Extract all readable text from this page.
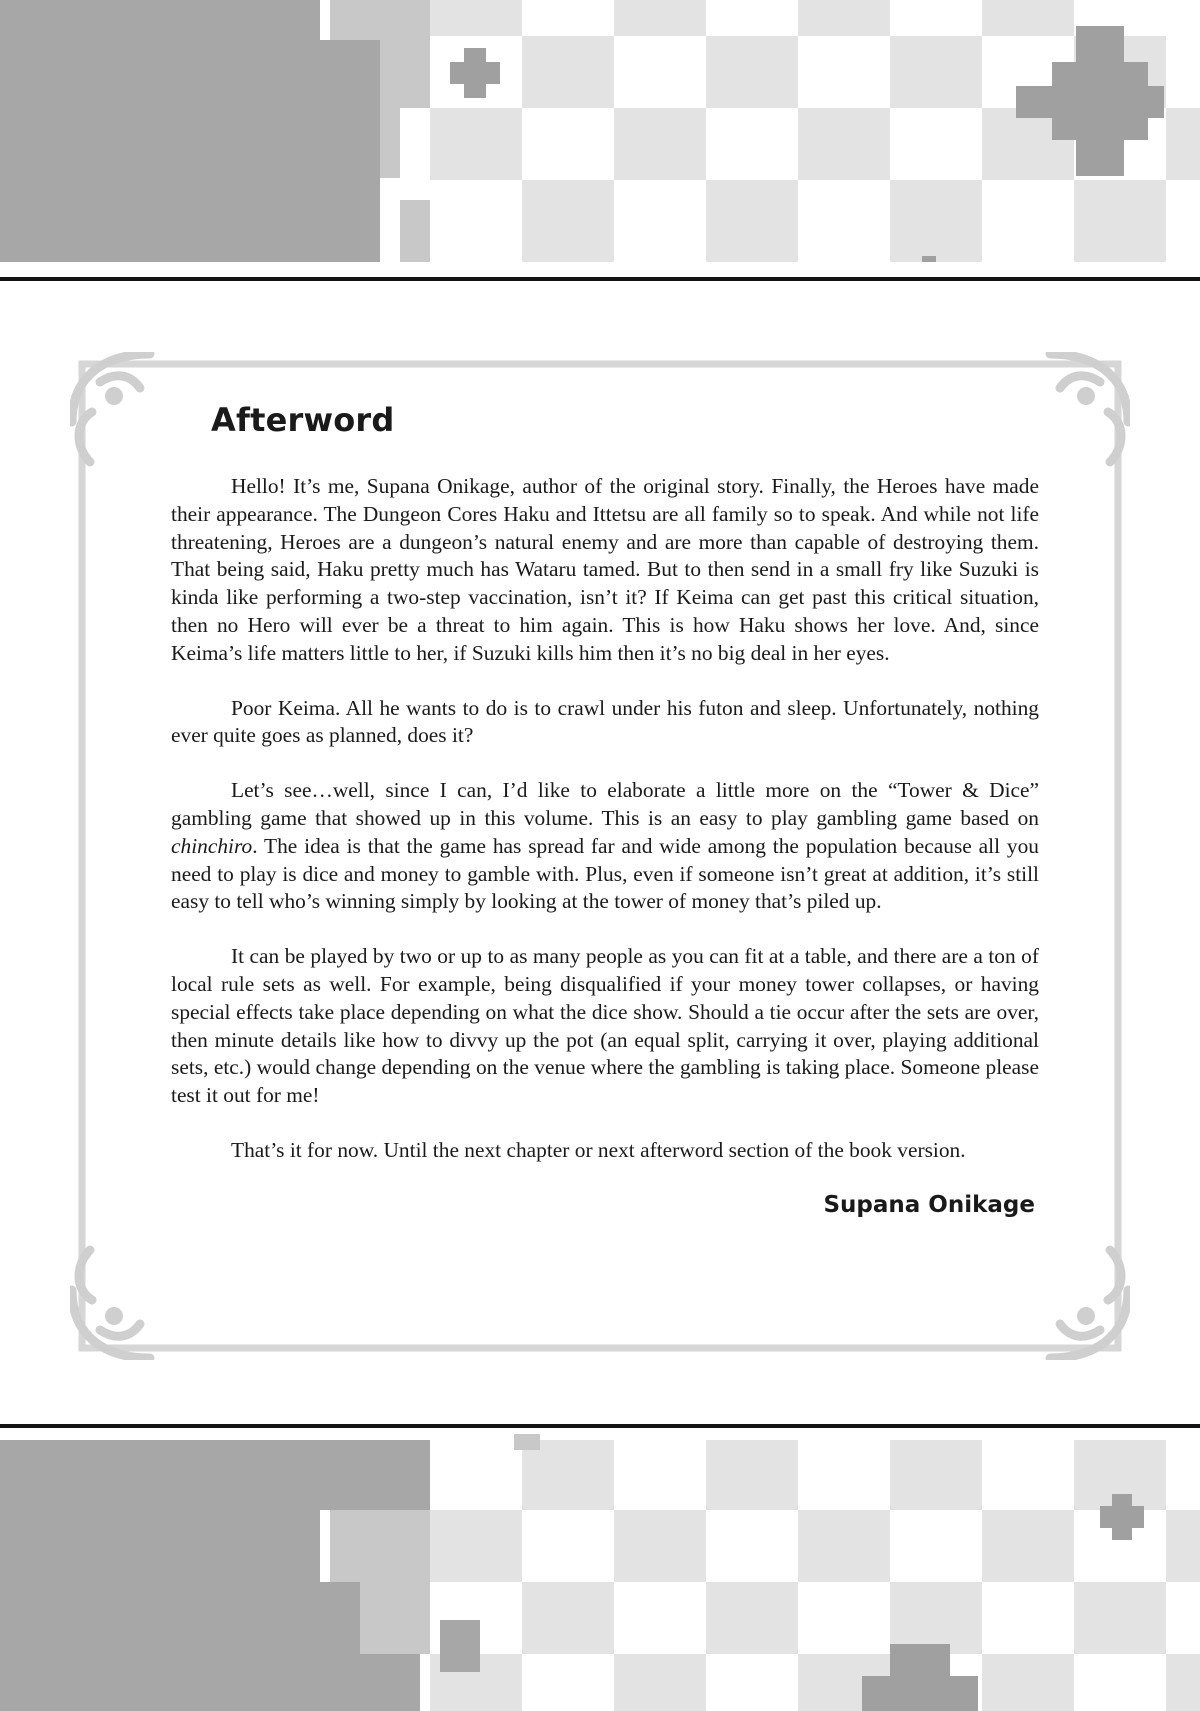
Afterword

Hello! It’s me, Supana Onikage, author of the original story. Finally, the Heroes have made their appearance. The Dungeon Cores Haku and Ittetsu are all family so to speak. And while not life threatening, Heroes are a dungeon’s natural enemy and are more than capable of destroying them. That being said, Haku pretty much has Wataru tamed. But to then send in a small fry like Suzuki is kinda like performing a two-step vaccination, isn’t it? If Keima can get past this critical situation, then no Hero will ever be a threat to him again. This is how Haku shows her love. And, since Keima’s life matters little to her, if Suzuki kills him then it’s no big deal in her eyes.

Poor Keima. All he wants to do is to crawl under his futon and sleep. Unfortunately, nothing ever quite goes as planned, does it?

Let’s see…well, since I can, I’d like to elaborate a little more on the “Tower & Dice” gambling game that showed up in this volume. This is an easy to play gambling game based on chinchiro. The idea is that the game has spread far and wide among the population because all you need to play is dice and money to gamble with. Plus, even if someone isn’t great at addition, it’s still easy to tell who’s winning simply by looking at the tower of money that’s piled up.

It can be played by two or up to as many people as you can fit at a table, and there are a ton of local rule sets as well. For example, being disqualified if your money tower collapses, or having special effects take place depending on what the dice show. Should a tie occur after the sets are over, then minute details like how to divvy up the pot (an equal split, carrying it over, playing additional sets, etc.) would change depending on the venue where the gambling is taking place. Someone please test it out for me!

That’s it for now. Until the next chapter or next afterword section of the book version.

Supana Onikage
